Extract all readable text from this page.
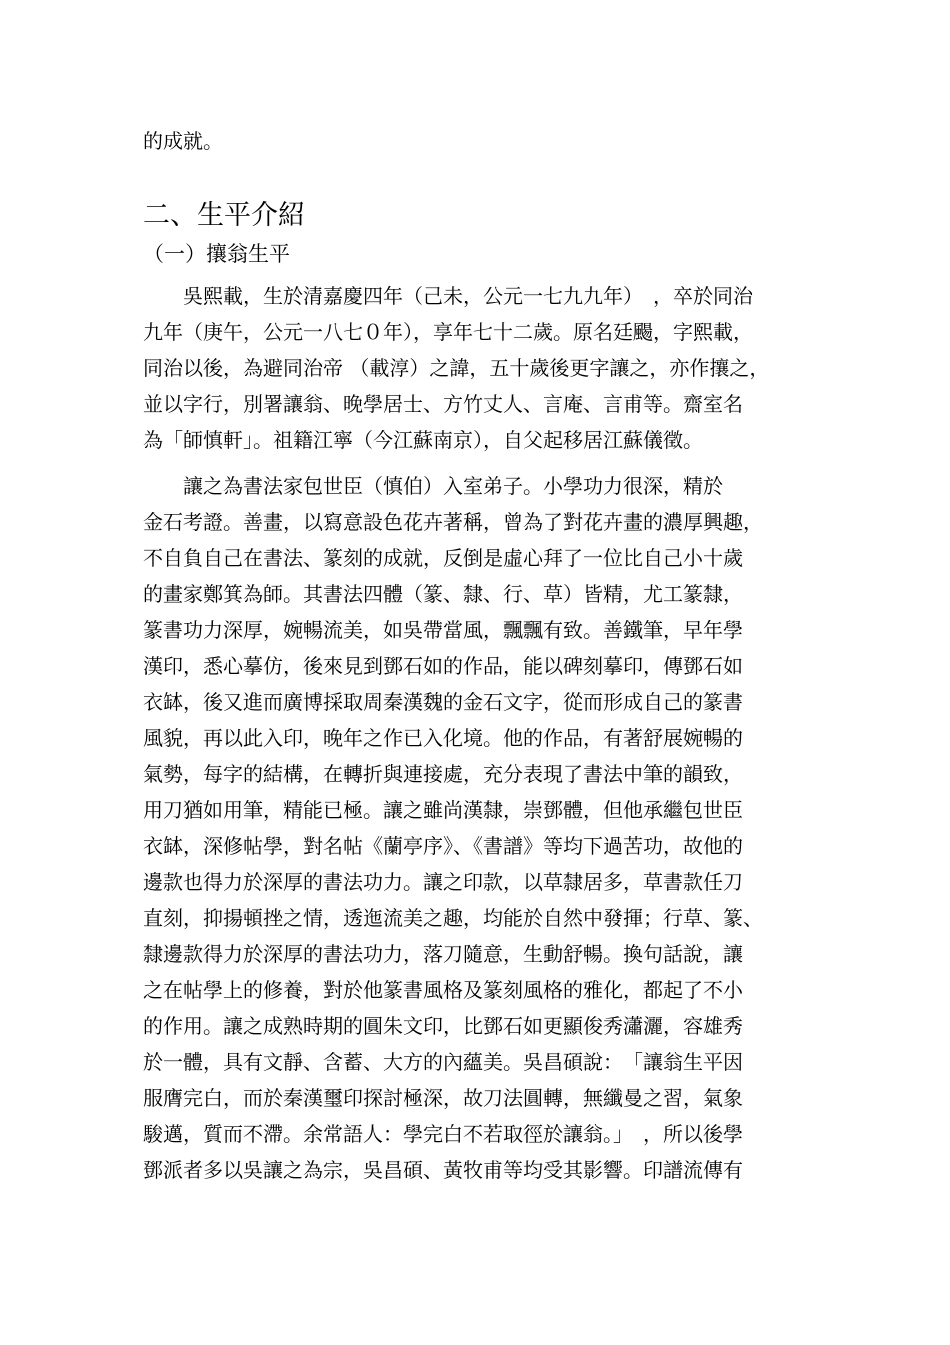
的成就。
二、生平介紹
（一）攘翁生平
　　吳熙載，生於清嘉慶四年（己未，公元一七九九年）　，卒於同治
九年（庚午，公元一八七０年），享年七十二歲。原名廷颺，字熙載，
同治以後，為避同治帝 （載淳）之諱，五十歲後更字讓之，亦作攘之，
並以字行，別署讓翁、晚學居士、方竹丈人、言庵、言甫等。齋室名
為「師慎軒」。祖籍江寧（今江蘇南京），自父起移居江蘇儀徵。
　　讓之為書法家包世臣（慎伯）入室弟子。小學功力很深，精於
金石考證。善畫，以寫意設色花卉著稱，曾為了對花卉畫的濃厚興趣，
不自負自己在書法、篆刻的成就，反倒是虛心拜了一位比自己小十歲
的畫家鄭箕為師。其書法四體（篆、隸、行、草）皆精，尤工篆隸，
篆書功力深厚，婉暢流美，如吳帶當風，飄飄有致。善鐵筆，早年學
漢印，悉心摹仿，後來見到鄧石如的作品，能以碑刻摹印，傳鄧石如
衣缽，後又進而廣博採取周秦漢魏的金石文字，從而形成自己的篆書
風貌，再以此入印，晚年之作已入化境。他的作品，有著舒展婉暢的
氣勢，每字的結構，在轉折與連接處，充分表現了書法中筆的韻致，
用刀猶如用筆，精能已極。讓之雖尚漢隸，崇鄧體，但他承繼包世臣
衣缽，深修帖學，對名帖《蘭亭序》、《書譜》等均下過苦功，故他的
邊款也得力於深厚的書法功力。讓之印款，以草隸居多，草書款任刀
直刻，抑揚頓挫之情，透迤流美之趣，均能於自然中發揮；行草、篆、
隸邊款得力於深厚的書法功力，落刀隨意，生動舒暢。換句話說，讓
之在帖學上的修養，對於他篆書風格及篆刻風格的雅化，都起了不小
的作用。讓之成熟時期的圓朱文印，比鄧石如更顯俊秀瀟灑，容雄秀
於一體，具有文靜、含蓄、大方的內蘊美。吳昌碩說：　「讓翁生平因
服膺完白，而於秦漢璽印探討極深，故刀法圓轉，無纖曼之習，氣象
駿邁，質而不滯。余常語人：學完白不若取徑於讓翁。」　，所以後學
鄧派者多以吳讓之為宗，吳昌碩、黃牧甫等均受其影響。印譜流傳有
